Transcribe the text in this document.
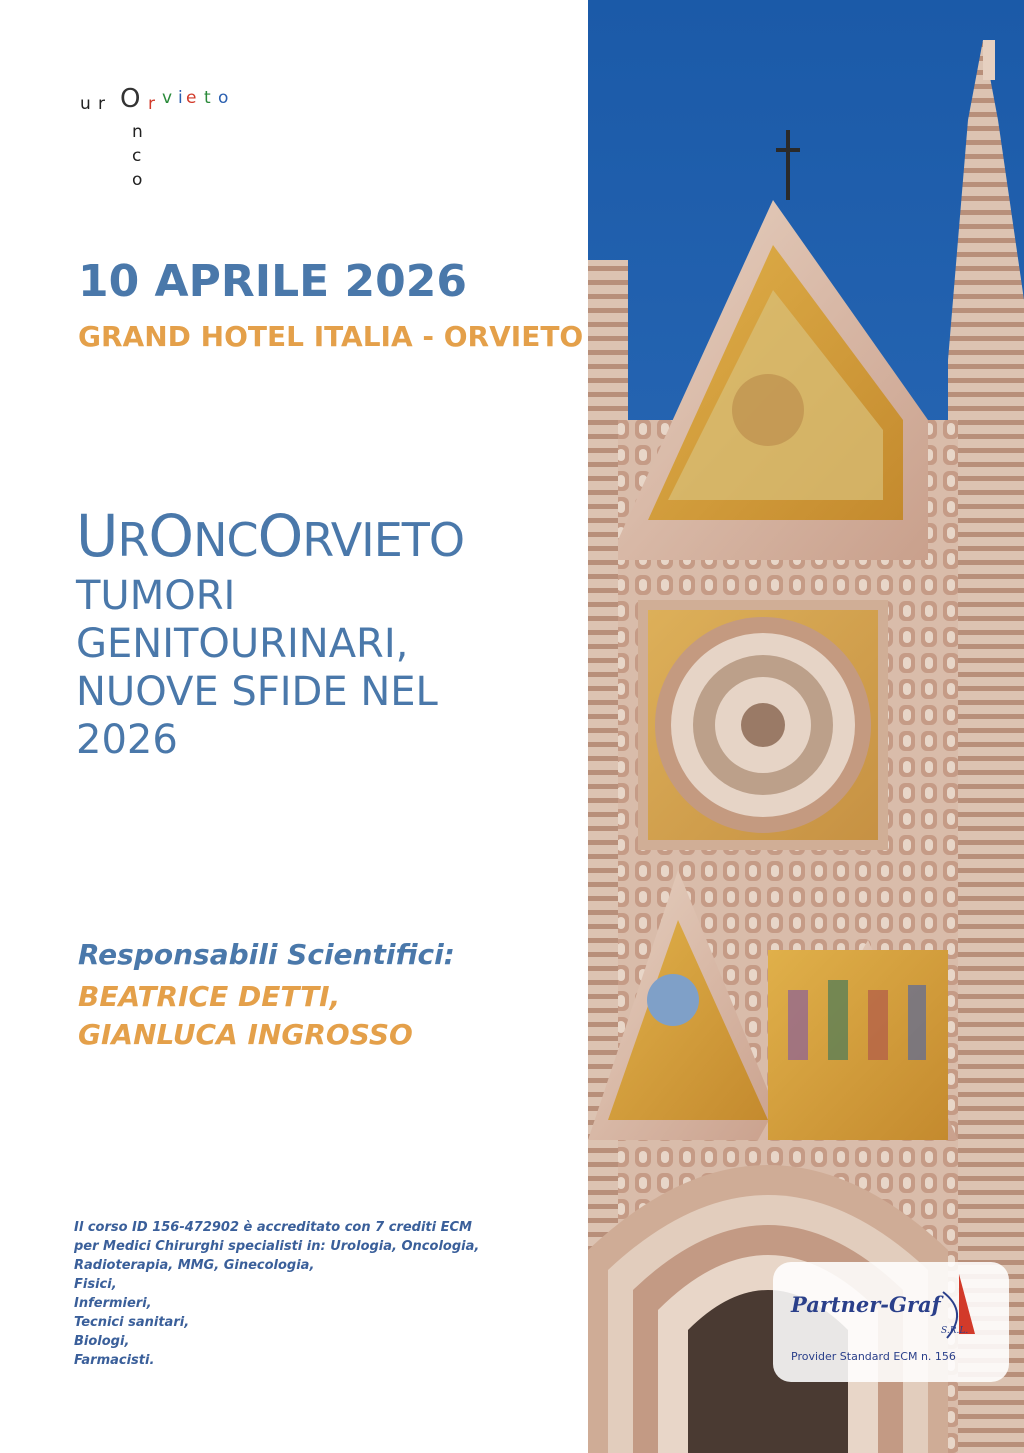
u r O r v i e t o
n
c
o
10 APRILE 2026
GRAND HOTEL ITALIA - ORVIETO
URONCORVIETO
TUMORI
GENITOURINARI,
NUOVE SFIDE NEL
2026
Responsabili Scientifici:
BEATRICE DETTI,
GIANLUCA INGROSSO
Il corso ID 156-472902 è accreditato con 7 crediti ECM
per Medici Chirurghi specialisti in: Urologia, Oncologia,
Radioterapia, MMG, Ginecologia,
Fisici,
Infermieri,
Tecnici sanitari,
Biologi,
Farmacisti.
Partner-Graf
S.R.L.
Provider Standard ECM n. 156
